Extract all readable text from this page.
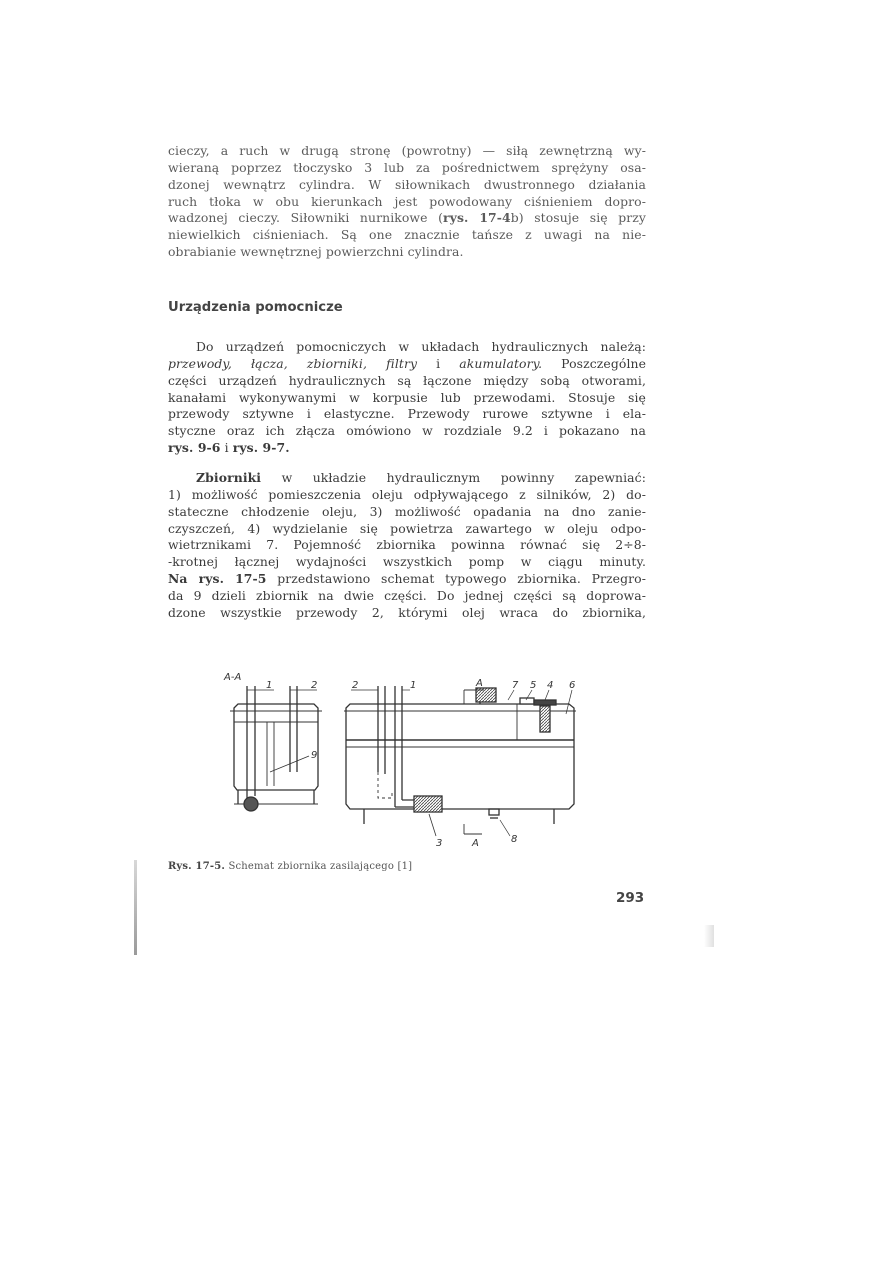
cieczy, a ruch w drugą stronę (powrotny) — siłą zewnętrzną wy-
wieraną poprzez tłoczysko 3 lub za pośrednictwem sprężyny osa-
dzonej wewnątrz cylindra. W siłownikach dwustronnego działania
ruch tłoka w obu kierunkach jest powodowany ciśnieniem dopro-
wadzonej cieczy. Siłowniki nurnikowe (rys. 17-4b) stosuje się przy
niewielkich ciśnieniach. Są one znacznie tańsze z uwagi na nie-
obrabianie wewnętrznej powierzchni cylindra.
Urządzenia pomocnicze
Do urządzeń pomocniczych w układach hydraulicznych należą:
przewody, łącza, zbiorniki, filtry i akumulatory. Poszczególne
części urządzeń hydraulicznych są łączone między sobą otworami,
kanałami wykonywanymi w korpusie lub przewodami. Stosuje się
przewody sztywne i elastyczne. Przewody rurowe sztywne i ela-
styczne oraz ich złącza omówiono w rozdziale 9.2 i pokazano na
rys. 9-6 i rys. 9-7.
Zbiorniki w układzie hydraulicznym powinny zapewniać:
1) możliwość pomieszczenia oleju odpływającego z silników, 2) do-
stateczne chłodzenie oleju, 3) możliwość opadania na dno zanie-
czyszczeń, 4) wydzielanie się powietrza zawartego w oleju odpo-
wietrznikami 7. Pojemność zbiornika powinna równać się 2÷8-
-krotnej łącznej wydajności wszystkich pomp w ciągu minuty.
Na rys. 17-5 przedstawiono schemat typowego zbiornika. Przegro-
da 9 dzieli zbiornik na dwie części. Do jednej części są doprowa-
dzone wszystkie przewody 2, którymi olej wraca do zbiornika,
A-A
1	2
9
3
A
A
2	1	7 5 4 6
8
Rys. 17-5. Schemat zbiornika zasilającego [1]
293
